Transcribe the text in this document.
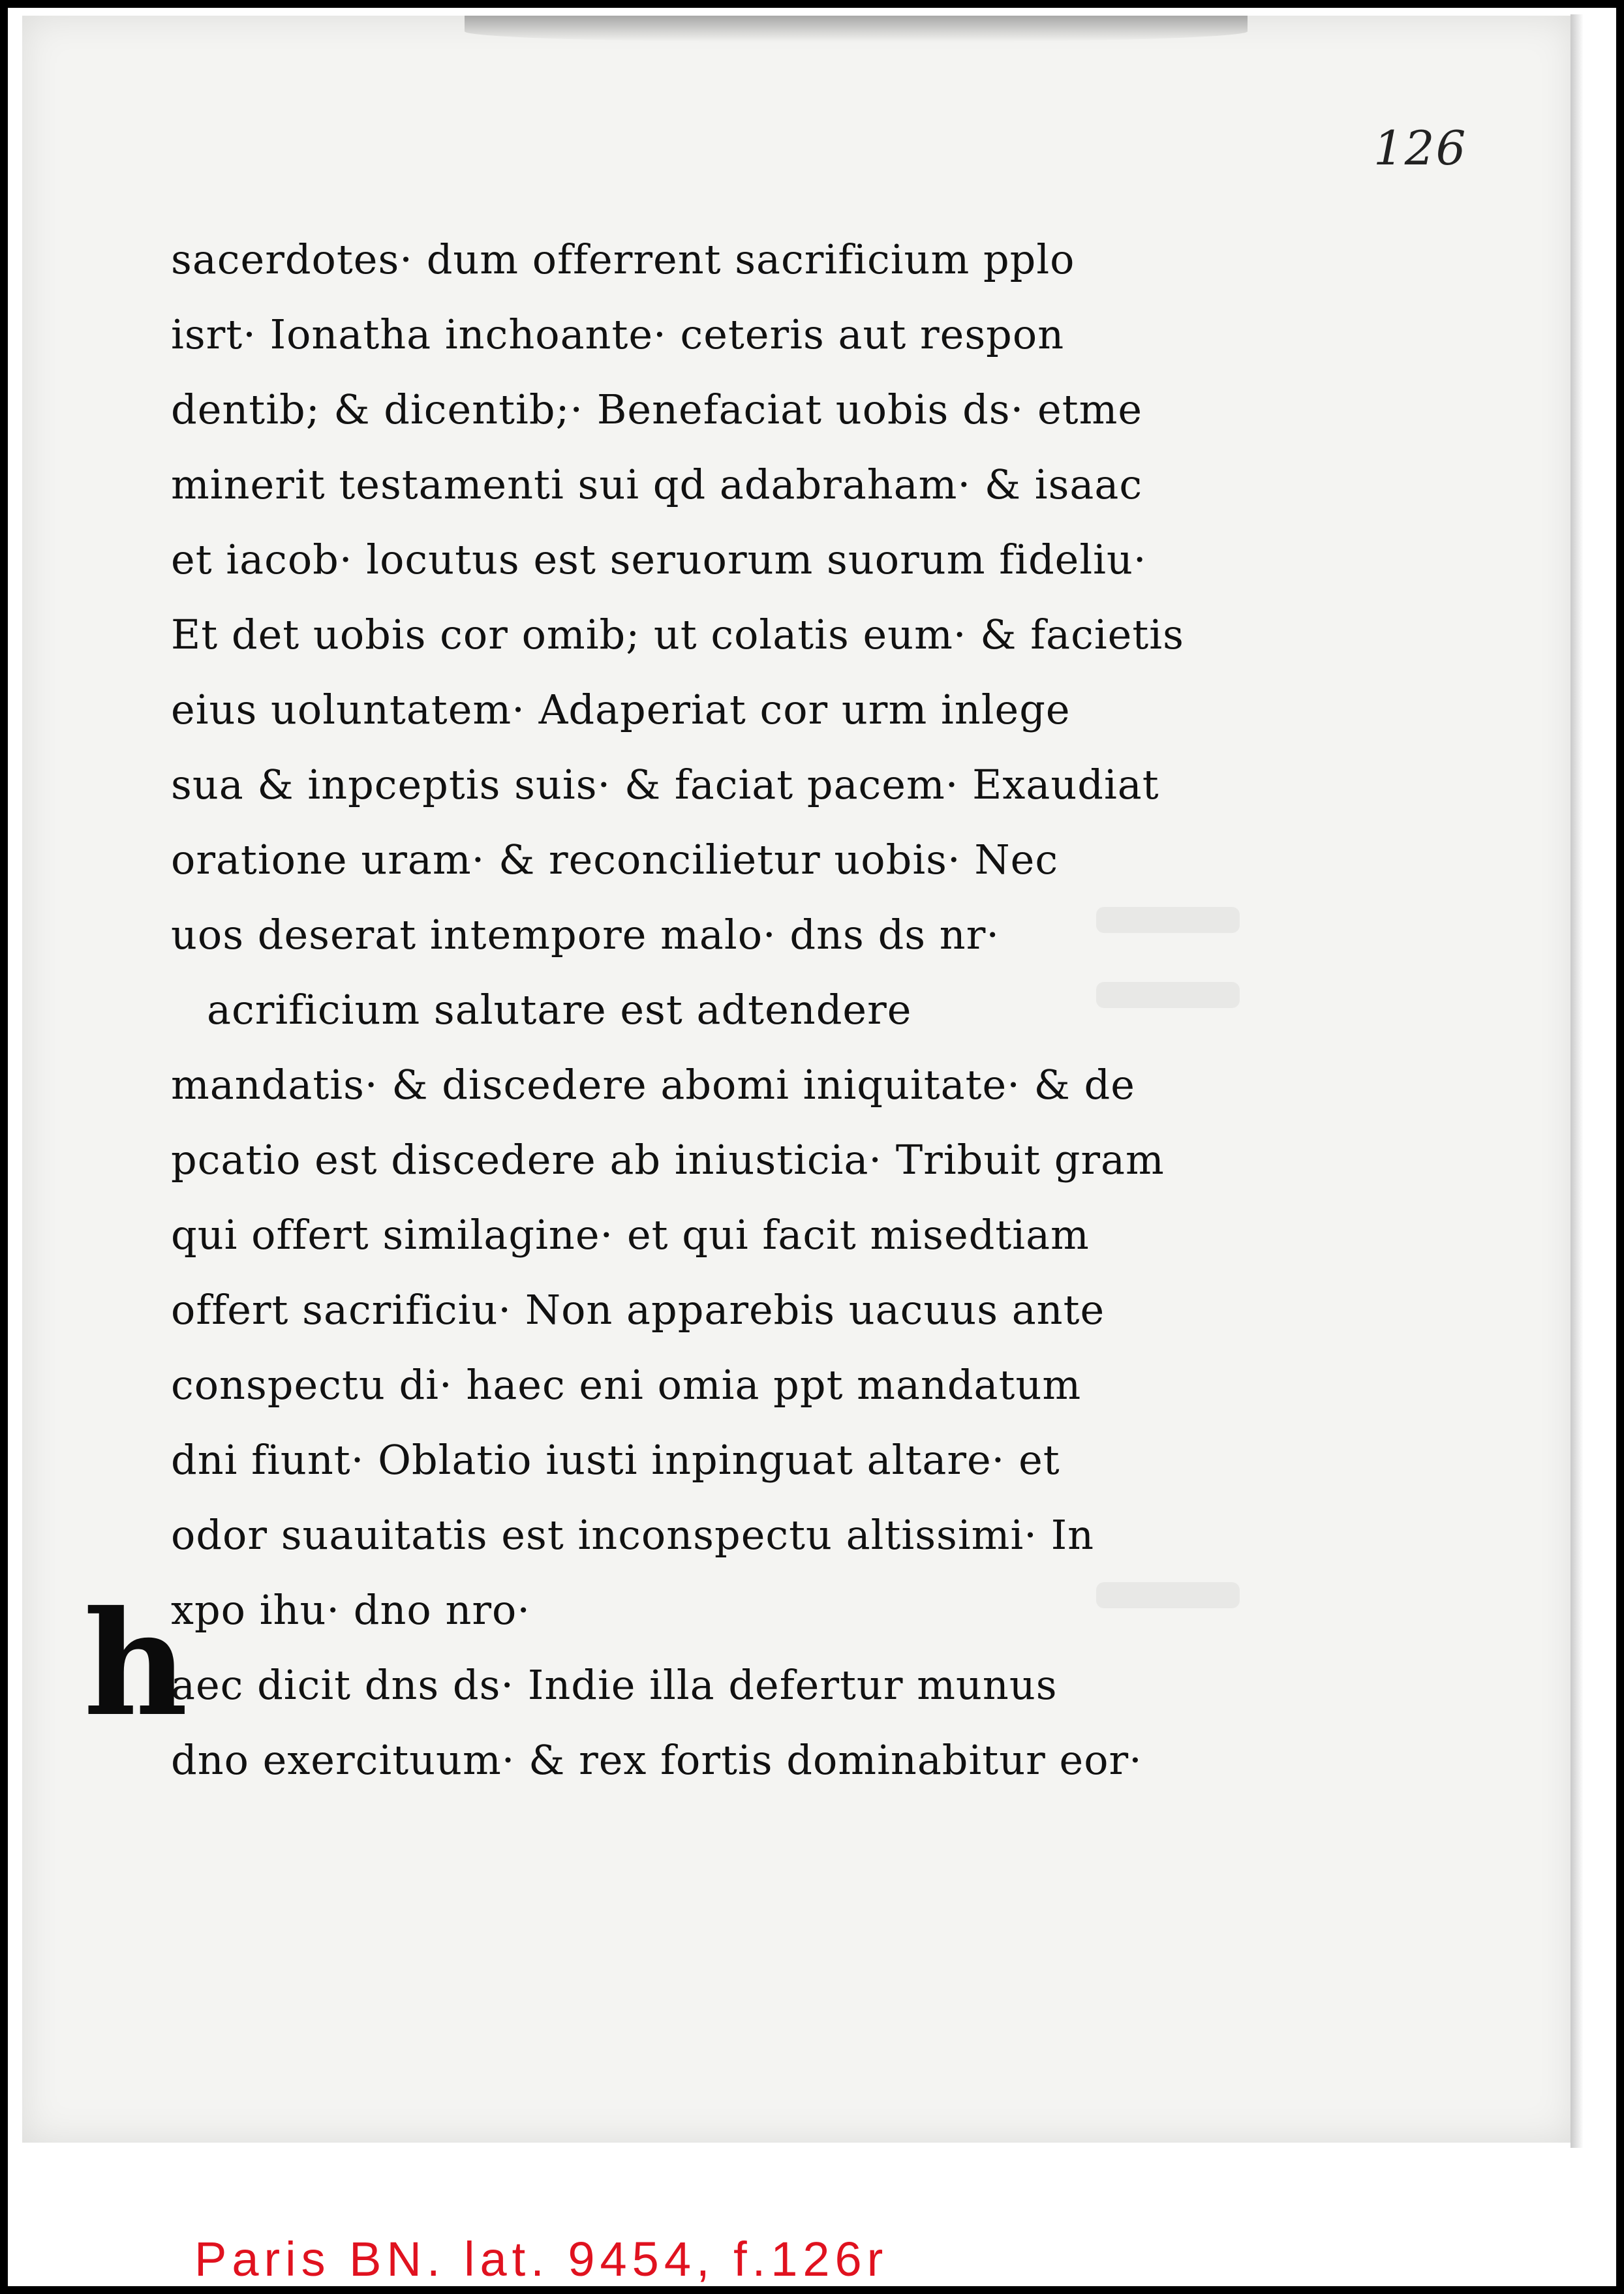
126
sacerdotes· dum offerrent sacrificium pplo
isrt· Ionatha inchoante· ceteris aut respon
dentib; & dicentib;· Benefaciat uobis ds· etme
minerit testamenti sui qd adabraham· & isaac
et iacob· locutus est seruorum suorum fideliu·
Et det uobis cor omib; ut colatis eum· & facietis
eius uoluntatem· Adaperiat cor urm inlege
sua & inpceptis suis· & faciat pacem· Exaudiat
oratione uram· & reconcilietur uobis· Nec
uos deserat intempore malo· dns ds nr·
acrificium salutare est adtendere
mandatis· & discedere abomi iniquitate· & de
pcatio est discedere ab iniusticia· Tribuit gram
qui offert similagine· et qui facit misedtiam
offert sacrificiu· Non apparebis uacuus ante
conspectu di· haec eni omia ppt mandatum
dni fiunt· Oblatio iusti inpinguat altare· et
odor suauitatis est inconspectu altissimi· In
xpo ihu· dno nro·
aec dicit dns ds· Indie illa defertur munus
dno exercituum· & rex fortis dominabitur eor·
h
Paris BN. lat. 9454, f.126r
